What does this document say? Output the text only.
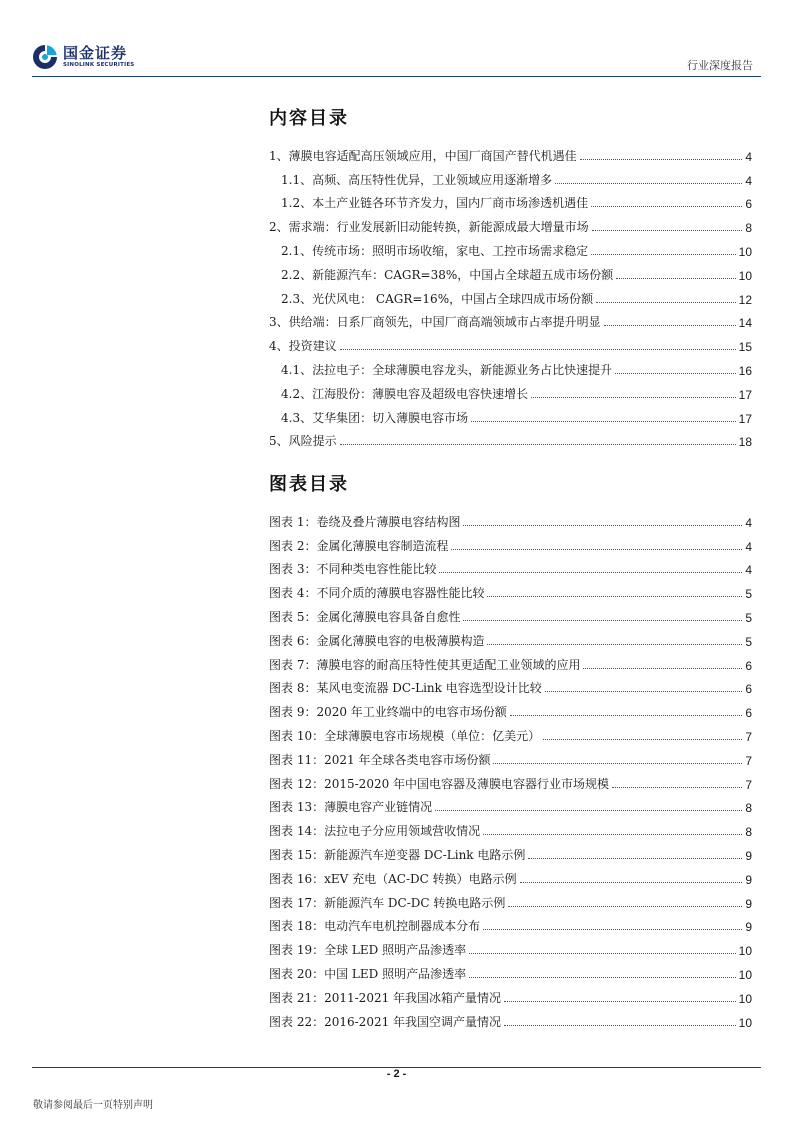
国金证券
SINOLINK SECURITIES	行业深度报告
内容目录
1、薄膜电容适配高压领域应用，中国厂商国产替代机遇佳	4
1.1、高频、高压特性优异，工业领域应用逐渐增多	4
1.2、本土产业链各环节齐发力，国内厂商市场渗透机遇佳	6
2、需求端：行业发展新旧动能转换，新能源成最大增量市场	8
2.1、传统市场：照明市场收缩，家电、工控市场需求稳定	10
2.2、新能源汽车：CAGR=38%，中国占全球超五成市场份额	10
2.3、光伏风电： CAGR=16%，中国占全球四成市场份额	12
3、供给端：日系厂商领先，中国厂商高端领域市占率提升明显	14
4、投资建议	15
4.1、法拉电子：全球薄膜电容龙头，新能源业务占比快速提升	16
4.2、江海股份：薄膜电容及超级电容快速增长	17
4.3、艾华集团：切入薄膜电容市场	17
5、风险提示	18
图表目录
图表 1：卷绕及叠片薄膜电容结构图	4
图表 2：金属化薄膜电容制造流程	4
图表 3：不同种类电容性能比较	4
图表 4：不同介质的薄膜电容器性能比较	5
图表 5：金属化薄膜电容具备自愈性	5
图表 6：金属化薄膜电容的电极薄膜构造	5
图表 7：薄膜电容的耐高压特性使其更适配工业领域的应用	6
图表 8：某风电变流器 DC-Link 电容选型设计比较	6
图表 9：2020 年工业终端中的电容市场份额	6
图表 10：全球薄膜电容市场规模（单位：亿美元）	7
图表 11：2021 年全球各类电容市场份额	7
图表 12：2015-2020 年中国电容器及薄膜电容器行业市场规模	7
图表 13：薄膜电容产业链情况	8
图表 14：法拉电子分应用领域营收情况	8
图表 15：新能源汽车逆变器 DC-Link 电路示例	9
图表 16：xEV 充电（AC-DC 转换）电路示例	9
图表 17：新能源汽车 DC-DC 转换电路示例	9
图表 18：电动汽车电机控制器成本分布	9
图表 19：全球 LED 照明产品渗透率	10
图表 20：中国 LED 照明产品渗透率	10
图表 21：2011-2021 年我国冰箱产量情况	10
图表 22：2016-2021 年我国空调产量情况	10
- 2 -
敬请参阅最后一页特别声明
